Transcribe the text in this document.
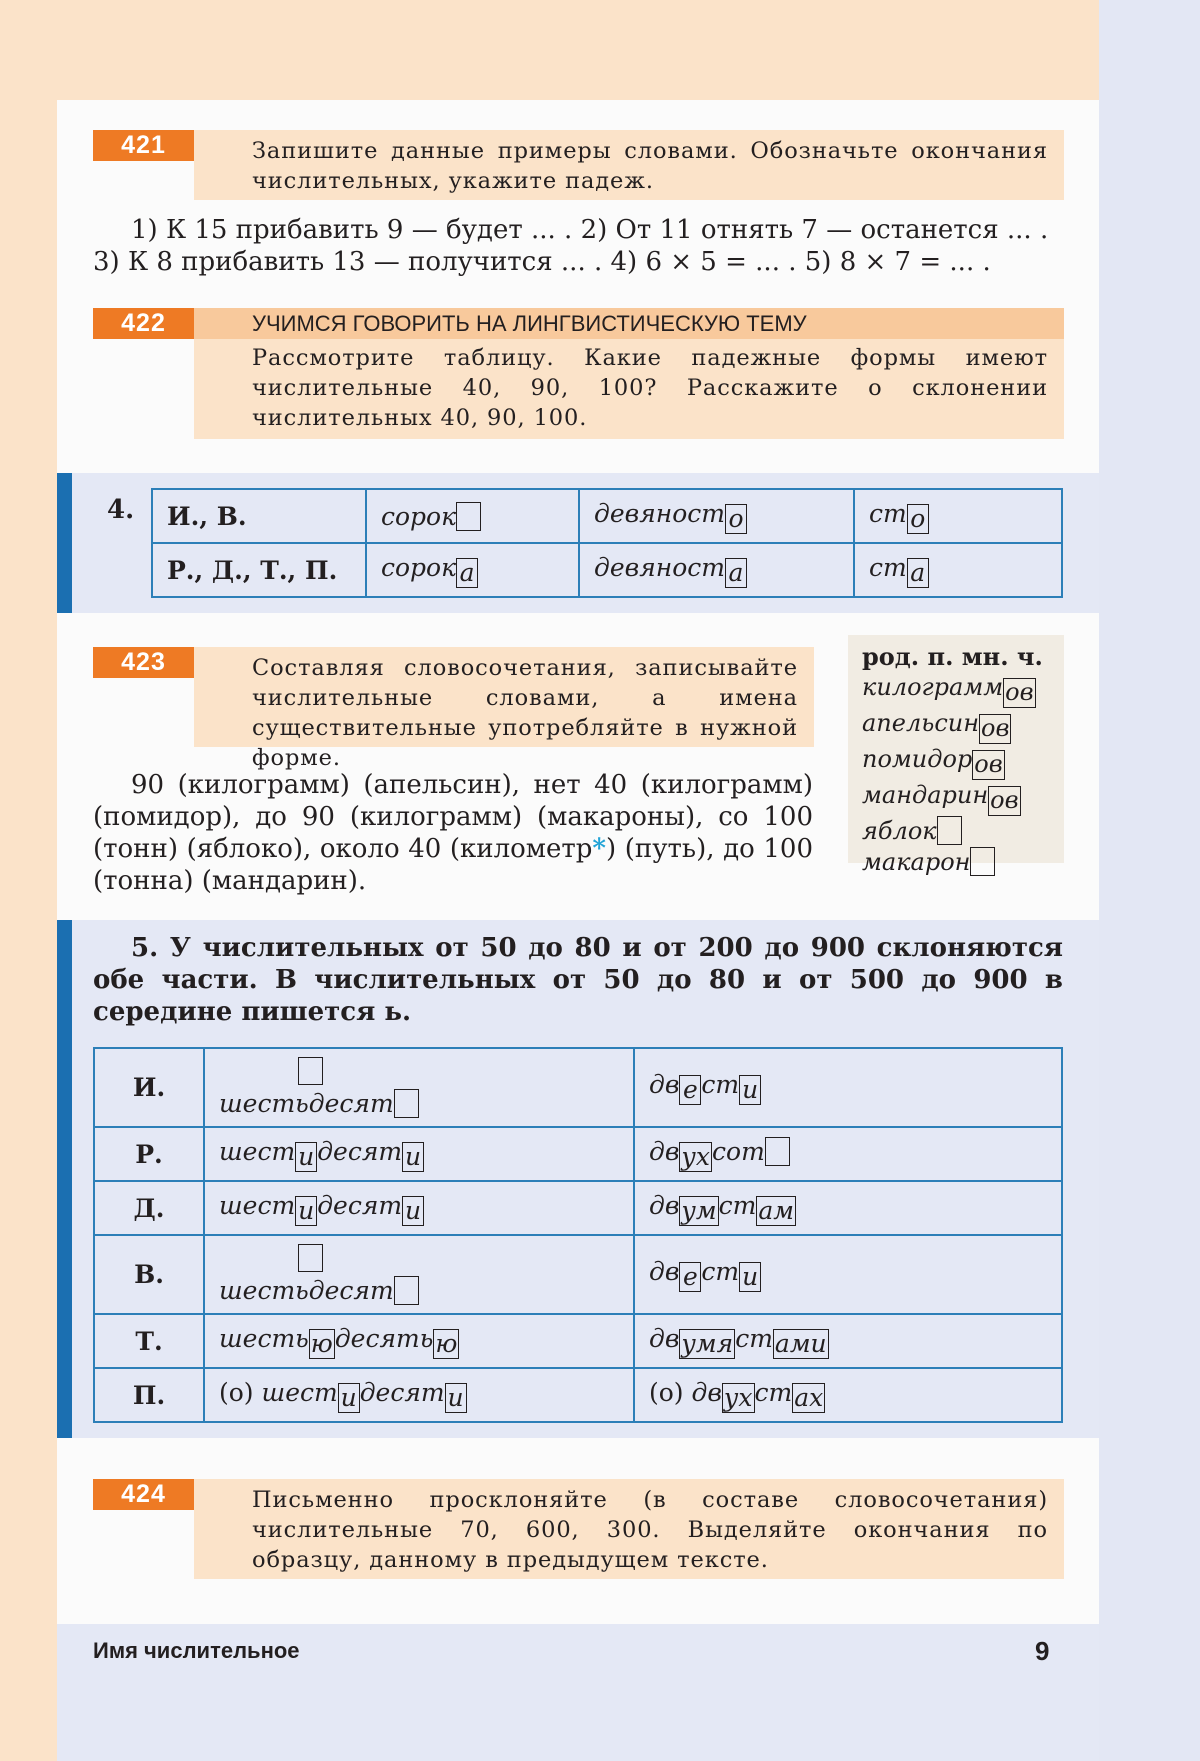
421	Запишите данные примеры словами. Обозначьте окончания числительных, укажите падеж.
1) К 15 прибавить 9 — будет ... . 2) От 11 отнять 7 — останется ... .
3) К 8 прибавить 13 — получится ... . 4) 6 × 5 = ... . 5) 8 × 7 = ... .
422	УЧИМСЯ ГОВОРИТЬ НА ЛИНГВИСТИЧЕСКУЮ ТЕМУ
Рассмотрите таблицу. Какие падежные формы имеют числительные 40, 90, 100? Расскажите о склонении числительных 40, 90, 100.
4. И., В.	сорок	девяност о	ст о
Р., Д., Т., П.	сорок а	девяност а	ст а
423	Составляя словосочетания, записывайте числительные словами, а имена существительные употребляйте в нужной форме.
90 (килограмм) (апельсин), нет 40 (килограмм) (помидор), до 90 (килограмм) (макароны), со 100 (тонн) (яблоко), около 40 (километр*) (путь), до 100 (тонна) (мандарин).
род. п. мн. ч.
килограммов
апельсинов
помидоров
мандаринов
яблок
макарон
5. У числительных от 50 до 80 и от 200 до 900 склоняются обе части. В числительных от 50 до 80 и от 500 до 900 в середине пишется ь.
И.	шестьдесят	дв е ст и
Р.	шест и десят и	двухсот
Д.	шест и десят и	двумстам
В.	шестьдесят	дв е ст и
Т.	шестьюдесятью	двумястами
П.	(о) шест и десят и	(о) двухстах
424	Письменно просклоняйте (в составе словосочетания) числительные 70, 600, 300. Выделяйте окончания по образцу, данному в предыдущем тексте.
Имя числительное	9
